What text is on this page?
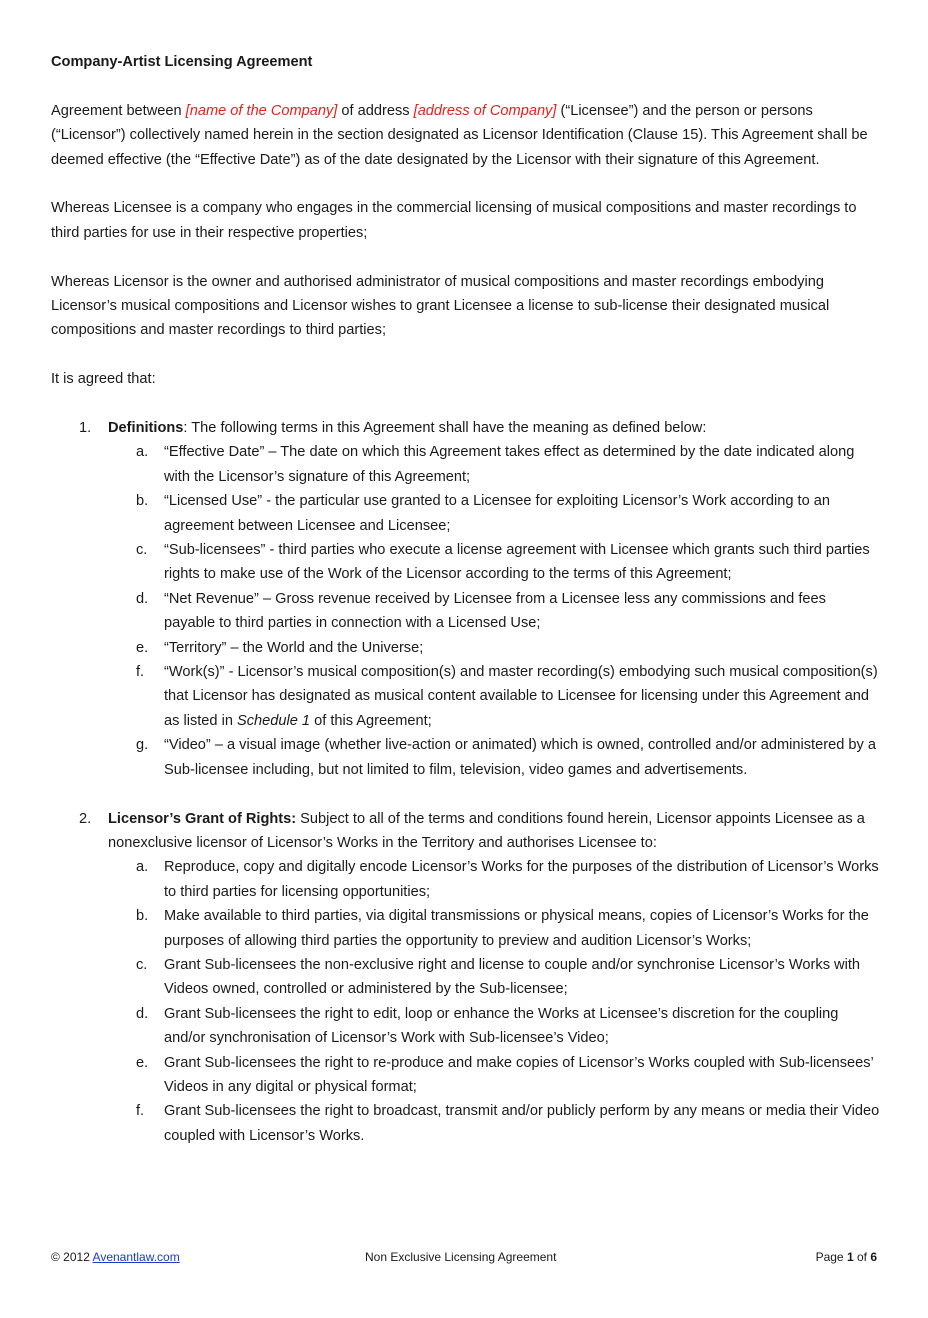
Company-Artist Licensing Agreement

Agreement between [name of the Company] of address [address of Company] (“Licensee”) and the person or persons (“Licensor”) collectively named herein in the section designated as Licensor Identification (Clause 15). This Agreement shall be deemed effective (the “Effective Date”) as of the date designated by the Licensor with their signature of this Agreement.

Whereas Licensee is a company who engages in the commercial licensing of musical compositions and master recordings to third parties for use in their respective properties;

Whereas Licensor is the owner and authorised administrator of musical compositions and master recordings embodying Licensor’s musical compositions and Licensor wishes to grant Licensee a license to sub-license their designated musical compositions and master recordings to third parties;

It is agreed that:

1. Definitions: The following terms in this Agreement shall have the meaning as defined below:
a. “Effective Date” – The date on which this Agreement takes effect as determined by the date indicated along with the Licensor’s signature of this Agreement;
b. “Licensed Use” - the particular use granted to a Licensee for exploiting Licensor’s Work according to an agreement between Licensee and Licensee;
c. “Sub-licensees” - third parties who execute a license agreement with Licensee which grants such third parties rights to make use of the Work of the Licensor according to the terms of this Agreement;
d. “Net Revenue” – Gross revenue received by Licensee from a Licensee less any commissions and fees payable to third parties in connection with a Licensed Use;
e. “Territory” – the World and the Universe;
f. “Work(s)” - Licensor’s musical composition(s) and master recording(s) embodying such musical composition(s) that Licensor has designated as musical content available to Licensee for licensing under this Agreement and as listed in Schedule 1 of this Agreement;
g. “Video” – a visual image (whether live-action or animated) which is owned, controlled and/or administered by a Sub-licensee including, but not limited to film, television, video games and advertisements.
2. Licensor’s Grant of Rights: Subject to all of the terms and conditions found herein, Licensor appoints Licensee as a nonexclusive licensor of Licensor’s Works in the Territory and authorises Licensee to:
a. Reproduce, copy and digitally encode Licensor’s Works for the purposes of the distribution of Licensor’s Works to third parties for licensing opportunities;
b. Make available to third parties, via digital transmissions or physical means, copies of Licensor’s Works for the purposes of allowing third parties the opportunity to preview and audition Licensor’s Works;
c. Grant Sub-licensees the non-exclusive right and license to couple and/or synchronise Licensor’s Works with Videos owned, controlled or administered by the Sub-licensee;
d. Grant Sub-licensees the right to edit, loop or enhance the Works at Licensee’s discretion for the coupling and/or synchronisation of Licensor’s Work with Sub-licensee’s Video;
e. Grant Sub-licensees the right to re-produce and make copies of Licensor’s Works coupled with Sub-licensees’ Videos in any digital or physical format;
f. Grant Sub-licensees the right to broadcast, transmit and/or publicly perform by any means or media their Video coupled with Licensor’s Works.
© 2012 Avenantlaw.com	Non Exclusive Licensing Agreement	Page 1 of 6
